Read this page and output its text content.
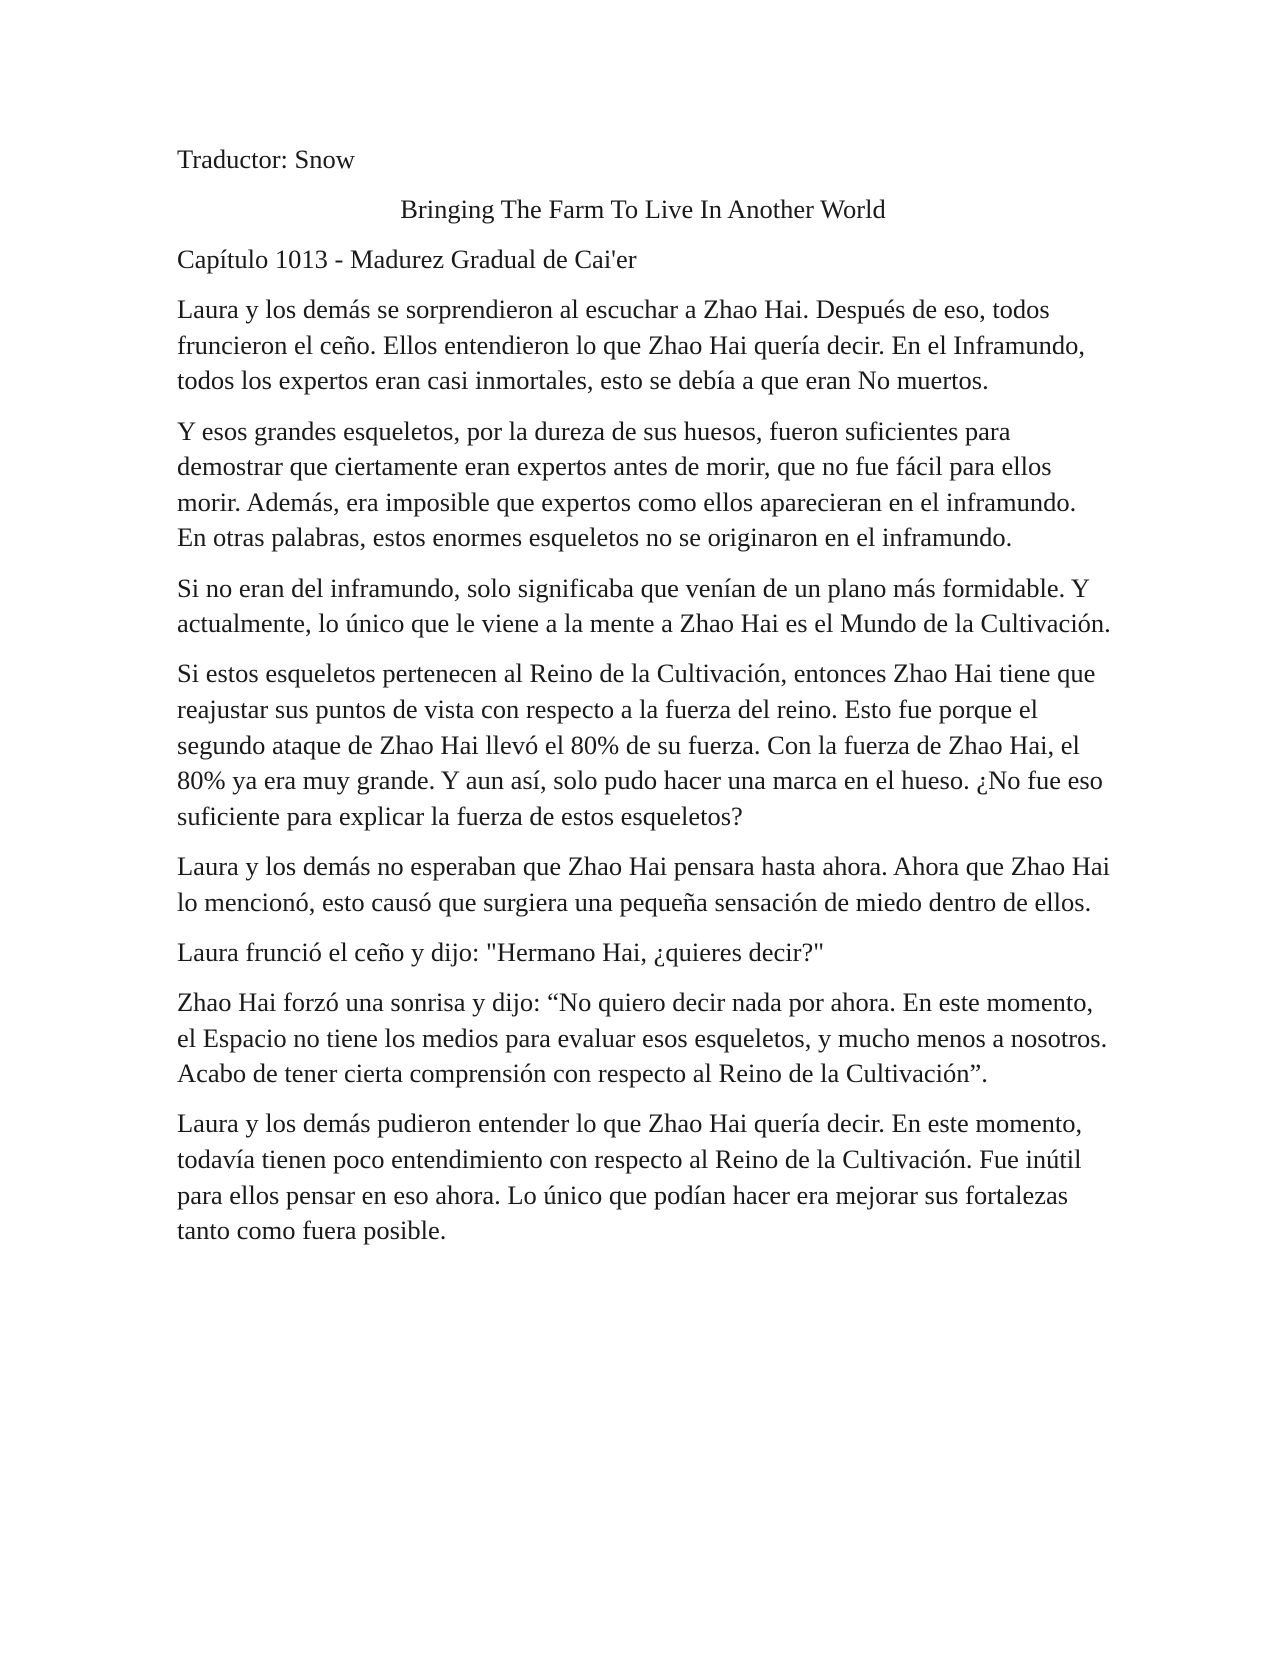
Traductor: Snow
Bringing The Farm To Live In Another World
Capítulo 1013 - Madurez Gradual de Cai'er

Laura y los demás se sorprendieron al escuchar a Zhao Hai. Después de eso, todos fruncieron el ceño. Ellos entendieron lo que Zhao Hai quería decir. En el Inframundo, todos los expertos eran casi inmortales, esto se debía a que eran No muertos.

Y esos grandes esqueletos, por la dureza de sus huesos, fueron suficientes para demostrar que ciertamente eran expertos antes de morir, que no fue fácil para ellos morir. Además, era imposible que expertos como ellos aparecieran en el inframundo. En otras palabras, estos enormes esqueletos no se originaron en el inframundo.

Si no eran del inframundo, solo significaba que venían de un plano más formidable. Y actualmente, lo único que le viene a la mente a Zhao Hai es el Mundo de la Cultivación.

Si estos esqueletos pertenecen al Reino de la Cultivación, entonces Zhao Hai tiene que reajustar sus puntos de vista con respecto a la fuerza del reino. Esto fue porque el segundo ataque de Zhao Hai llevó el 80% de su fuerza. Con la fuerza de Zhao Hai, el 80% ya era muy grande. Y aun así, solo pudo hacer una marca en el hueso. ¿No fue eso suficiente para explicar la fuerza de estos esqueletos?

Laura y los demás no esperaban que Zhao Hai pensara hasta ahora. Ahora que Zhao Hai lo mencionó, esto causó que surgiera una pequeña sensación de miedo dentro de ellos.

Laura frunció el ceño y dijo: "Hermano Hai, ¿quieres decir?"

Zhao Hai forzó una sonrisa y dijo: “No quiero decir nada por ahora. En este momento, el Espacio no tiene los medios para evaluar esos esqueletos, y mucho menos a nosotros. Acabo de tener cierta comprensión con respecto al Reino de la Cultivación”.

Laura y los demás pudieron entender lo que Zhao Hai quería decir. En este momento, todavía tienen poco entendimiento con respecto al Reino de la Cultivación. Fue inútil para ellos pensar en eso ahora. Lo único que podían hacer era mejorar sus fortalezas tanto como fuera posible.
